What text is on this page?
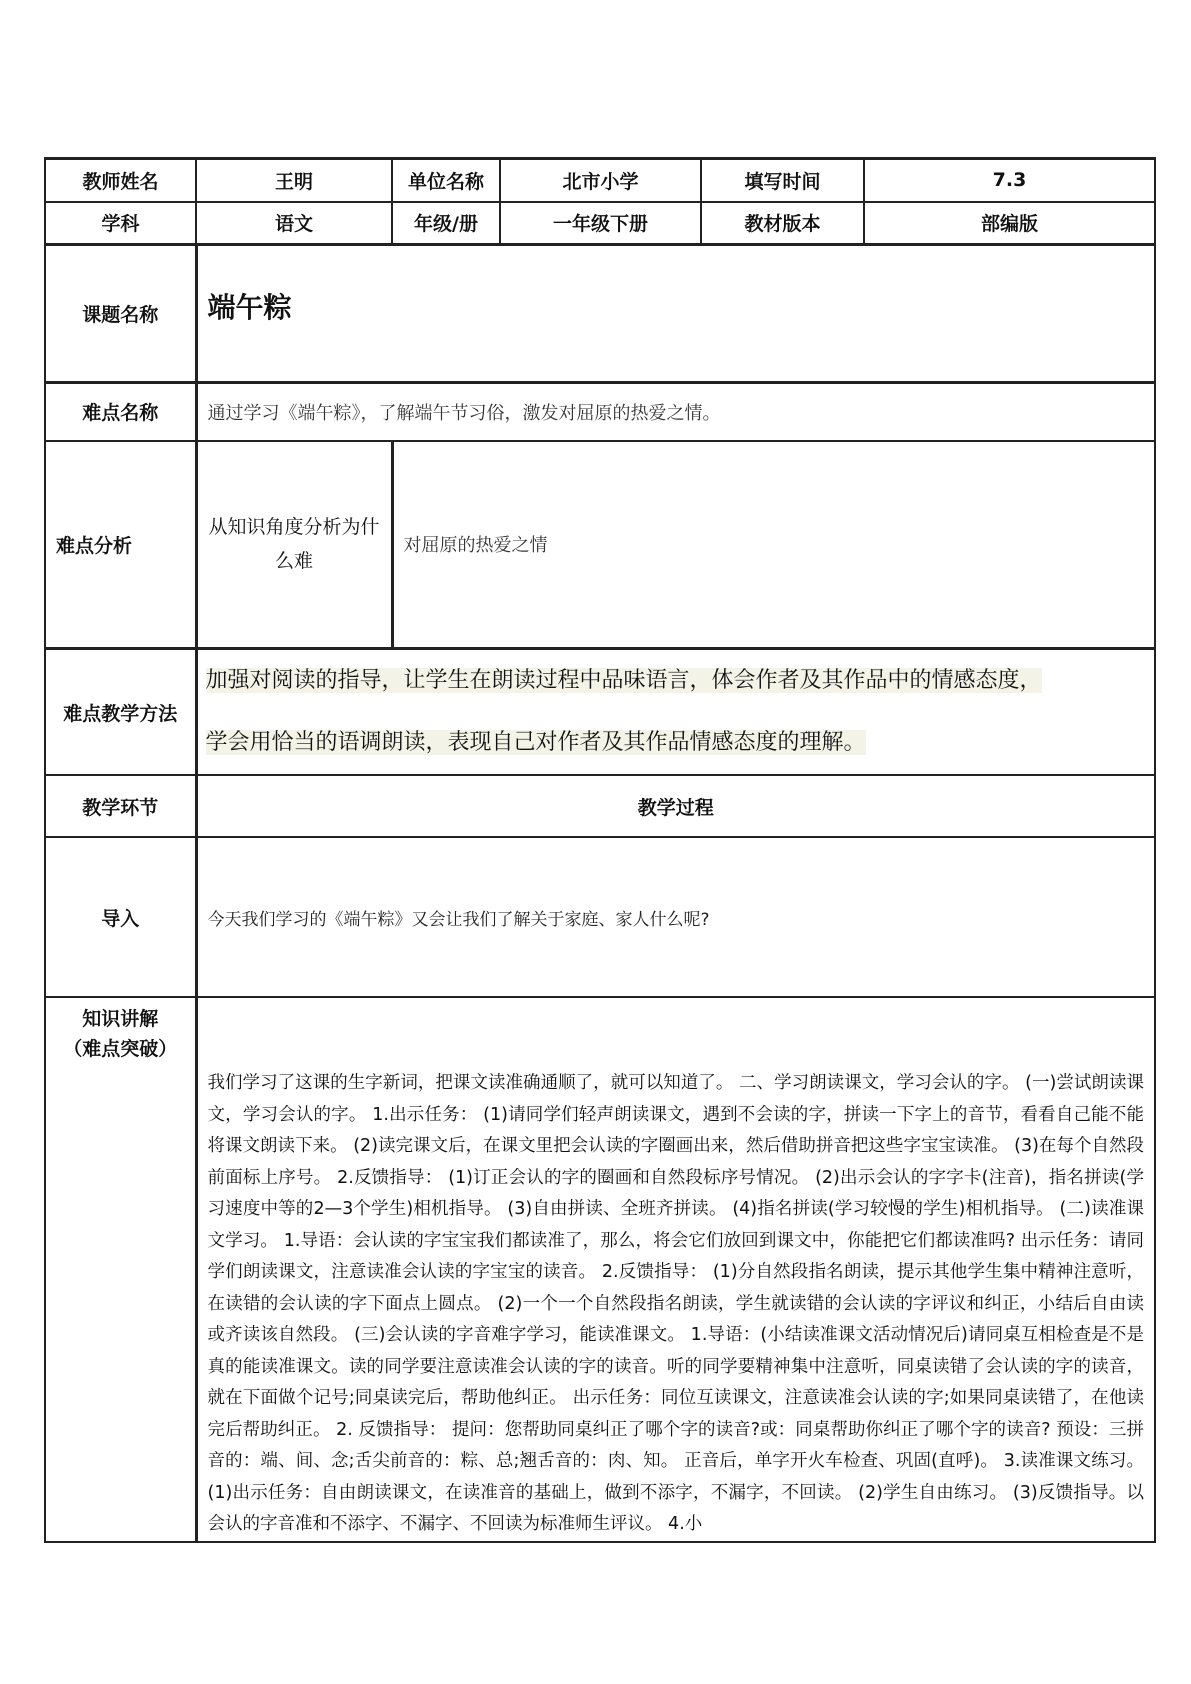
教师姓名	王明	单位名称	北市小学	填写时间	7.3
学科	语文	年级/册	一年级下册	教材版本	部编版
课题名称	端午粽				
难点名称	通过学习《端午粽》，了解端午节习俗，激发对屈原的热爱之情。				
难点分析	从知识角度分析为什么难	对屈原的热爱之情			
难点教学方法	加强对阅读的指导，让学生在朗读过程中品味语言，体会作者及其作品中的情感态度，
学会用恰当的语调朗读，表现自己对作者及其作品情感态度的理解。				
教学环节	教学过程				
导入	今天我们学习的《端午粽》又会让我们了解关于家庭、家人什么呢?				
知识讲解
（难点突破）	我们学习了这课的生字新词，把课文读准确通顺了，就可以知道了。 二、学习朗读课文，学习会认的字。 (一)尝试朗读课文，学习会认的字。 1.出示任务： (1)请同学们轻声朗读课文，遇到不会读的字，拼读一下字上的音节，看看自己能不能将课文朗读下来。 (2)读完课文后，在课文里把会认读的字圈画出来，然后借助拼音把这些字宝宝读准。 (3)在每个自然段前面标上序号。 2.反馈指导： (1)订正会认的字的圈画和自然段标序号情况。 (2)出示会认的字字卡(注音)，指名拼读(学习速度中等的2—3个学生)相机指导。 (3)自由拼读、全班齐拼读。 (4)指名拼读(学习较慢的学生)相机指导。 (二)读准课文学习。 1.导语：会认读的字宝宝我们都读准了，那么，将会它们放回到课文中，你能把它们都读准吗? 出示任务：请同学们朗读课文，注意读准会认读的字宝宝的读音。 2.反馈指导： (1)分自然段指名朗读，提示其他学生集中精神注意听，在读错的会认读的字下面点上圆点。 (2)一个一个自然段指名朗读，学生就读错的会认读的字评议和纠正，小结后自由读或齐读该自然段。 (三)会认读的字音难字学习，能读准课文。 1.导语：(小结读准课文活动情况后)请同桌互相检查是不是真的能读准课文。读的同学要注意读准会认读的字的读音。听的同学要精神集中注意听，同桌读错了会认读的字的读音，就在下面做个记号;同桌读完后，帮助他纠正。 出示任务：同位互读课文，注意读准会认读的字;如果同桌读错了，在他读完后帮助纠正。 2. 反馈指导： 提问：您帮助同桌纠正了哪个字的读音?或：同桌帮助你纠正了哪个字的读音? 预设：三拼音的：端、间、念;舌尖前音的：粽、总;翘舌音的：肉、知。 正音后，单字开火车检查、巩固(直呼)。 3.读准课文练习。 (1)出示任务：自由朗读课文，在读准音的基础上，做到不添字，不漏字，不回读。 (2)学生自由练习。 (3)反馈指导。以会认的字音准和不添字、不漏字、不回读为标准师生评议。 4.小				
